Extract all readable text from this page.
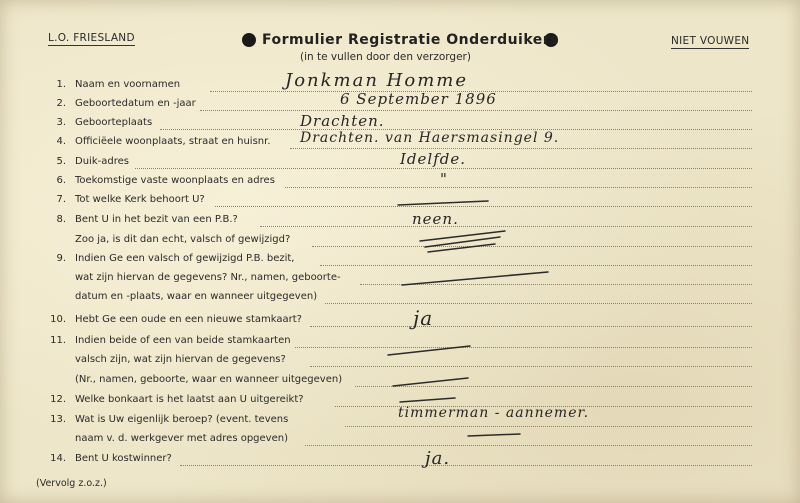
L.O. FRIESLAND	Formulier Registratie Onderduikers
(in te vullen door den verzorger)
NIET VOUWEN
1. Naam en voornamen
2. Geboortedatum en -jaar
3. Geboorteplaats
4. Officiëele woonplaats, straat en huisnr.
5. Duik-adres
6. Toekomstige vaste woonplaats en adres
7. Tot welke Kerk behoort U?
8. Bent U in het bezit van een P.B.?
Zoo ja, is dit dan echt, valsch of gewijzigd?
9. Indien Ge een valsch of gewijzigd P.B. bezit,
wat zijn hiervan de gegevens? Nr., namen, geboorte-
datum en -plaats, waar en wanneer uitgegeven)
10. Hebt Ge een oude en een nieuwe stamkaart?
11. Indien beide of een van beide stamkaarten
valsch zijn, wat zijn hiervan de gegevens?
(Nr., namen, geboorte, waar en wanneer uitgegeven)
12. Welke bonkaart is het laatst aan U uitgereikt?
13. Wat is Uw eigenlijk beroep? (event. tevens
naam v. d. werkgever met adres opgeven)
14. Bent U kostwinner?
Jonkman Homme
6 September 1896
Drachten.
Drachten. van Haersmasingel 9.
Idelfde.
"
neen.
ja
timmerman - aannemer.
ja.
(Vervolg z.o.z.)
